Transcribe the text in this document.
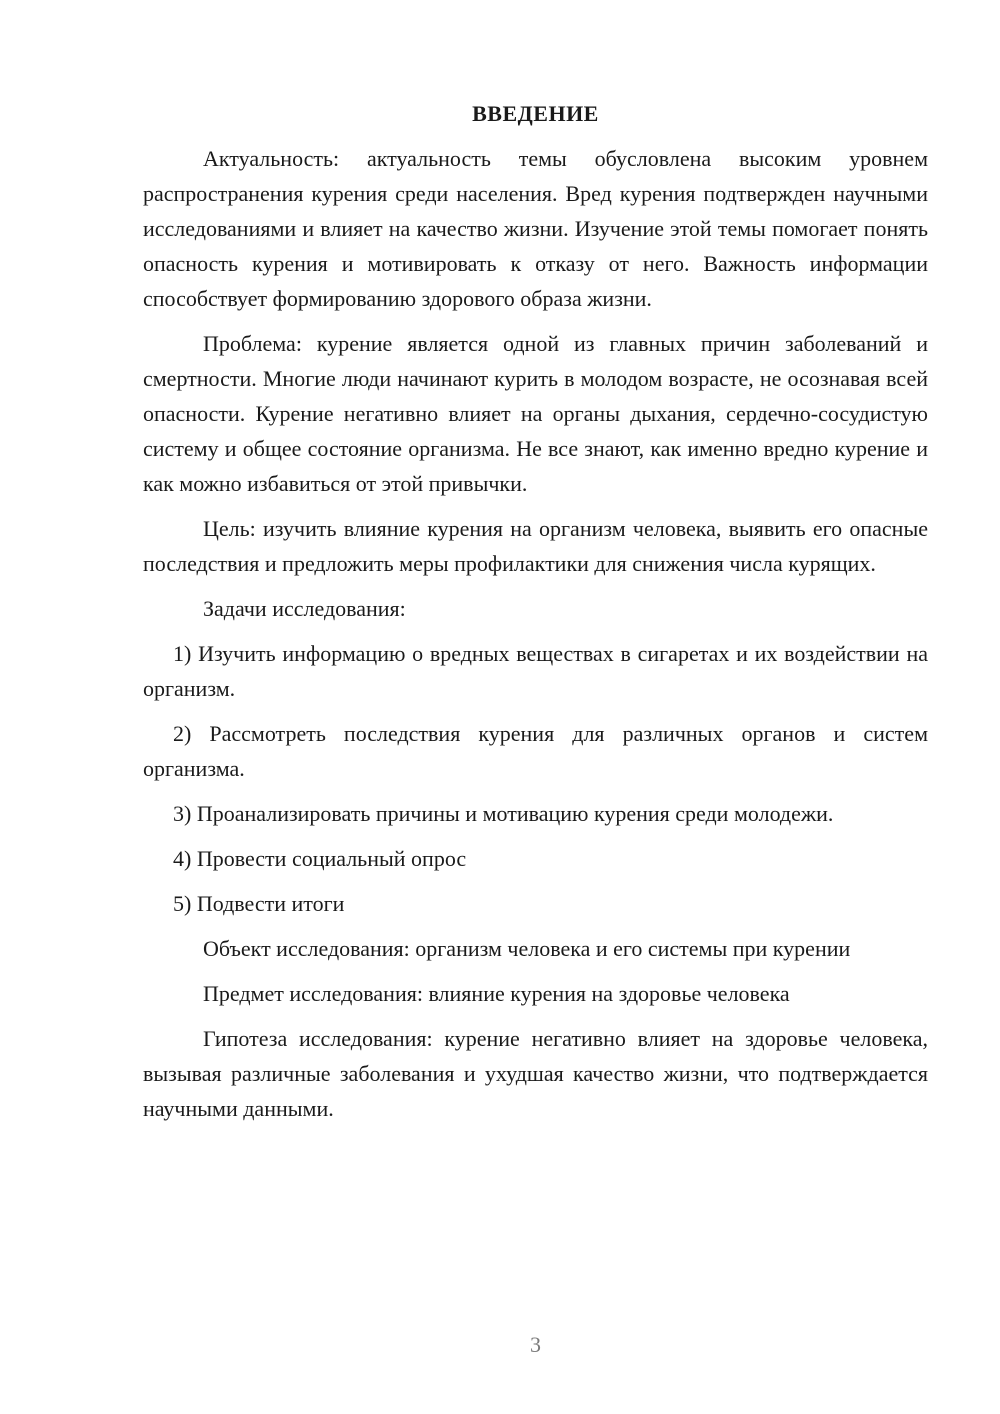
ВВЕДЕНИЕ

Актуальность: актуальность темы обусловлена высоким уровнем распространения курения среди населения. Вред курения подтвержден научными исследованиями и влияет на качество жизни. Изучение этой темы помогает понять опасность курения и мотивировать к отказу от него. Важность информации способствует формированию здорового образа жизни.

Проблема: курение является одной из главных причин заболеваний и смертности. Многие люди начинают курить в молодом возрасте, не осознавая всей опасности. Курение негативно влияет на органы дыхания, сердечно-сосудистую систему и общее состояние организма. Не все знают, как именно вредно курение и как можно избавиться от этой привычки.

Цель: изучить влияние курения на организм человека, выявить его опасные последствия и предложить меры профилактики для снижения числа курящих.

Задачи исследования:

1) Изучить информацию о вредных веществах в сигаретах и их воздействии на организм.

2) Рассмотреть последствия курения для различных органов и систем организма.

3) Проанализировать причины и мотивацию курения среди молодежи.

4) Провести социальный опрос

5) Подвести итоги

Объект исследования: организм человека и его системы при курении

Предмет исследования: влияние курения на здоровье человека

Гипотеза исследования: курение негативно влияет на здоровье человека, вызывая различные заболевания и ухудшая качество жизни, что подтверждается научными данными.

3
